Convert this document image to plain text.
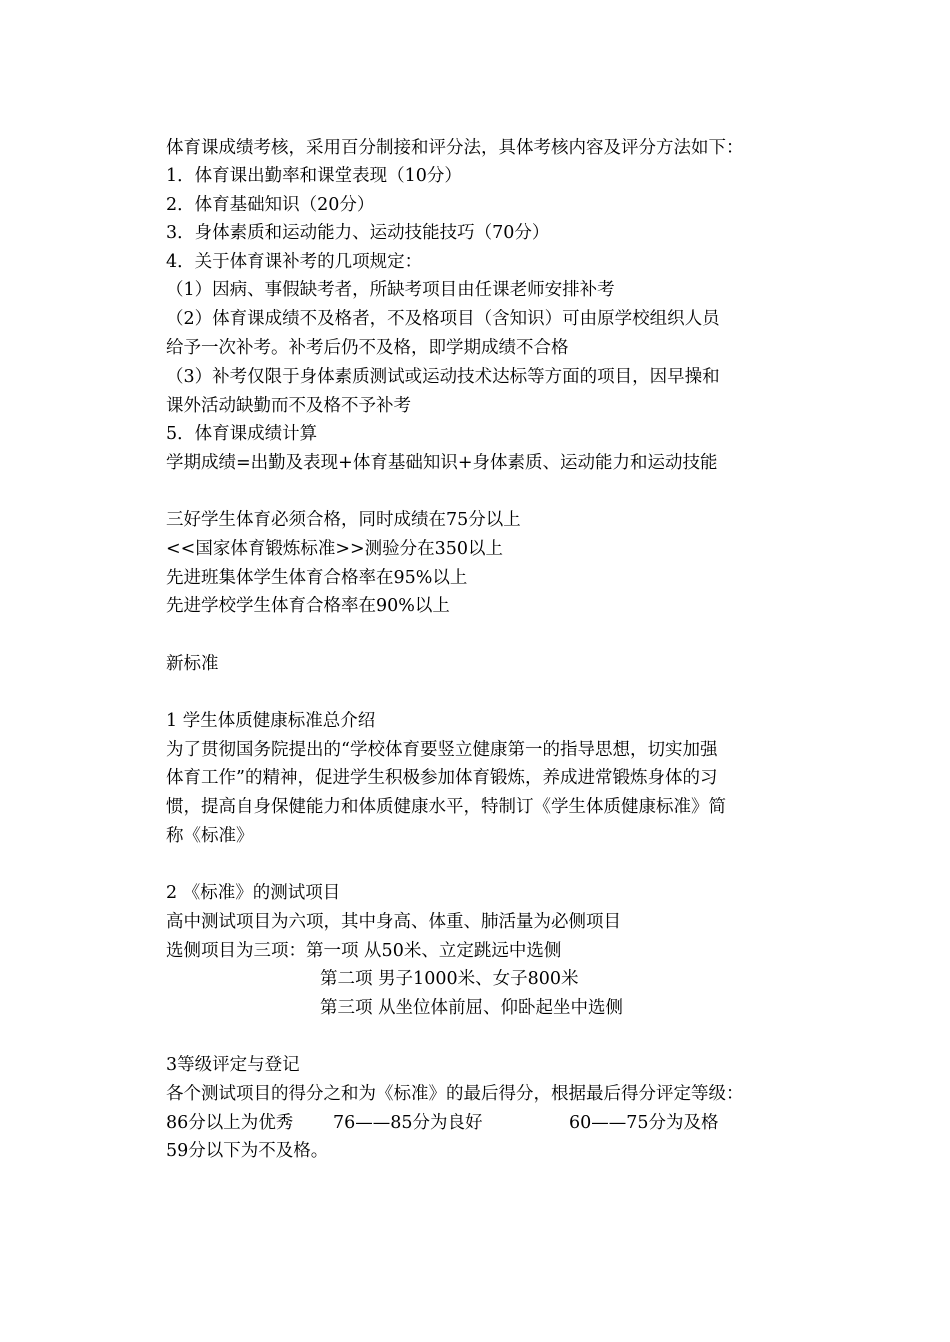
体育课成绩考核，采用百分制接和评分法，具体考核内容及评分方法如下：
1．体育课出勤率和课堂表现（10分）
2．体育基础知识（20分）
3．身体素质和运动能力、运动技能技巧（70分）
4．关于体育课补考的几项规定：
（1）因病、事假缺考者，所缺考项目由任课老师安排补考
（2）体育课成绩不及格者，不及格项目（含知识）可由原学校组织人员
给予一次补考。补考后仍不及格，即学期成绩不合格
（3）补考仅限于身体素质测试或运动技术达标等方面的项目，因早操和
课外活动缺勤而不及格不予补考
5．体育课成绩计算
学期成绩=出勤及表现+体育基础知识+身体素质、运动能力和运动技能
三好学生体育必须合格，同时成绩在75分以上
<<国家体育锻炼标准>>测验分在350以上
先进班集体学生体育合格率在95%以上
先进学校学生体育合格率在90%以上
新标准
1 学生体质健康标准总介绍
为了贯彻国务院提出的“学校体育要竖立健康第一的指导思想，切实加强
体育工作”的精神，促进学生积极参加体育锻炼，养成进常锻炼身体的习
惯，提高自身保健能力和体质健康水平，特制订《学生体质健康标准》简
称《标准》
2 《标准》的测试项目
高中测试项目为六项，其中身高、体重、肺活量为必侧项目
选侧项目为三项：第一项 从50米、立定跳远中选侧
第二项 男子1000米、女子800米
第三项 从坐位体前屈、仰卧起坐中选侧
3等级评定与登记
各个测试项目的得分之和为《标准》的最后得分，根据最后得分评定等级：
86分以上为优秀 76——85分为良好	60——75分为及格
59分以下为不及格。
